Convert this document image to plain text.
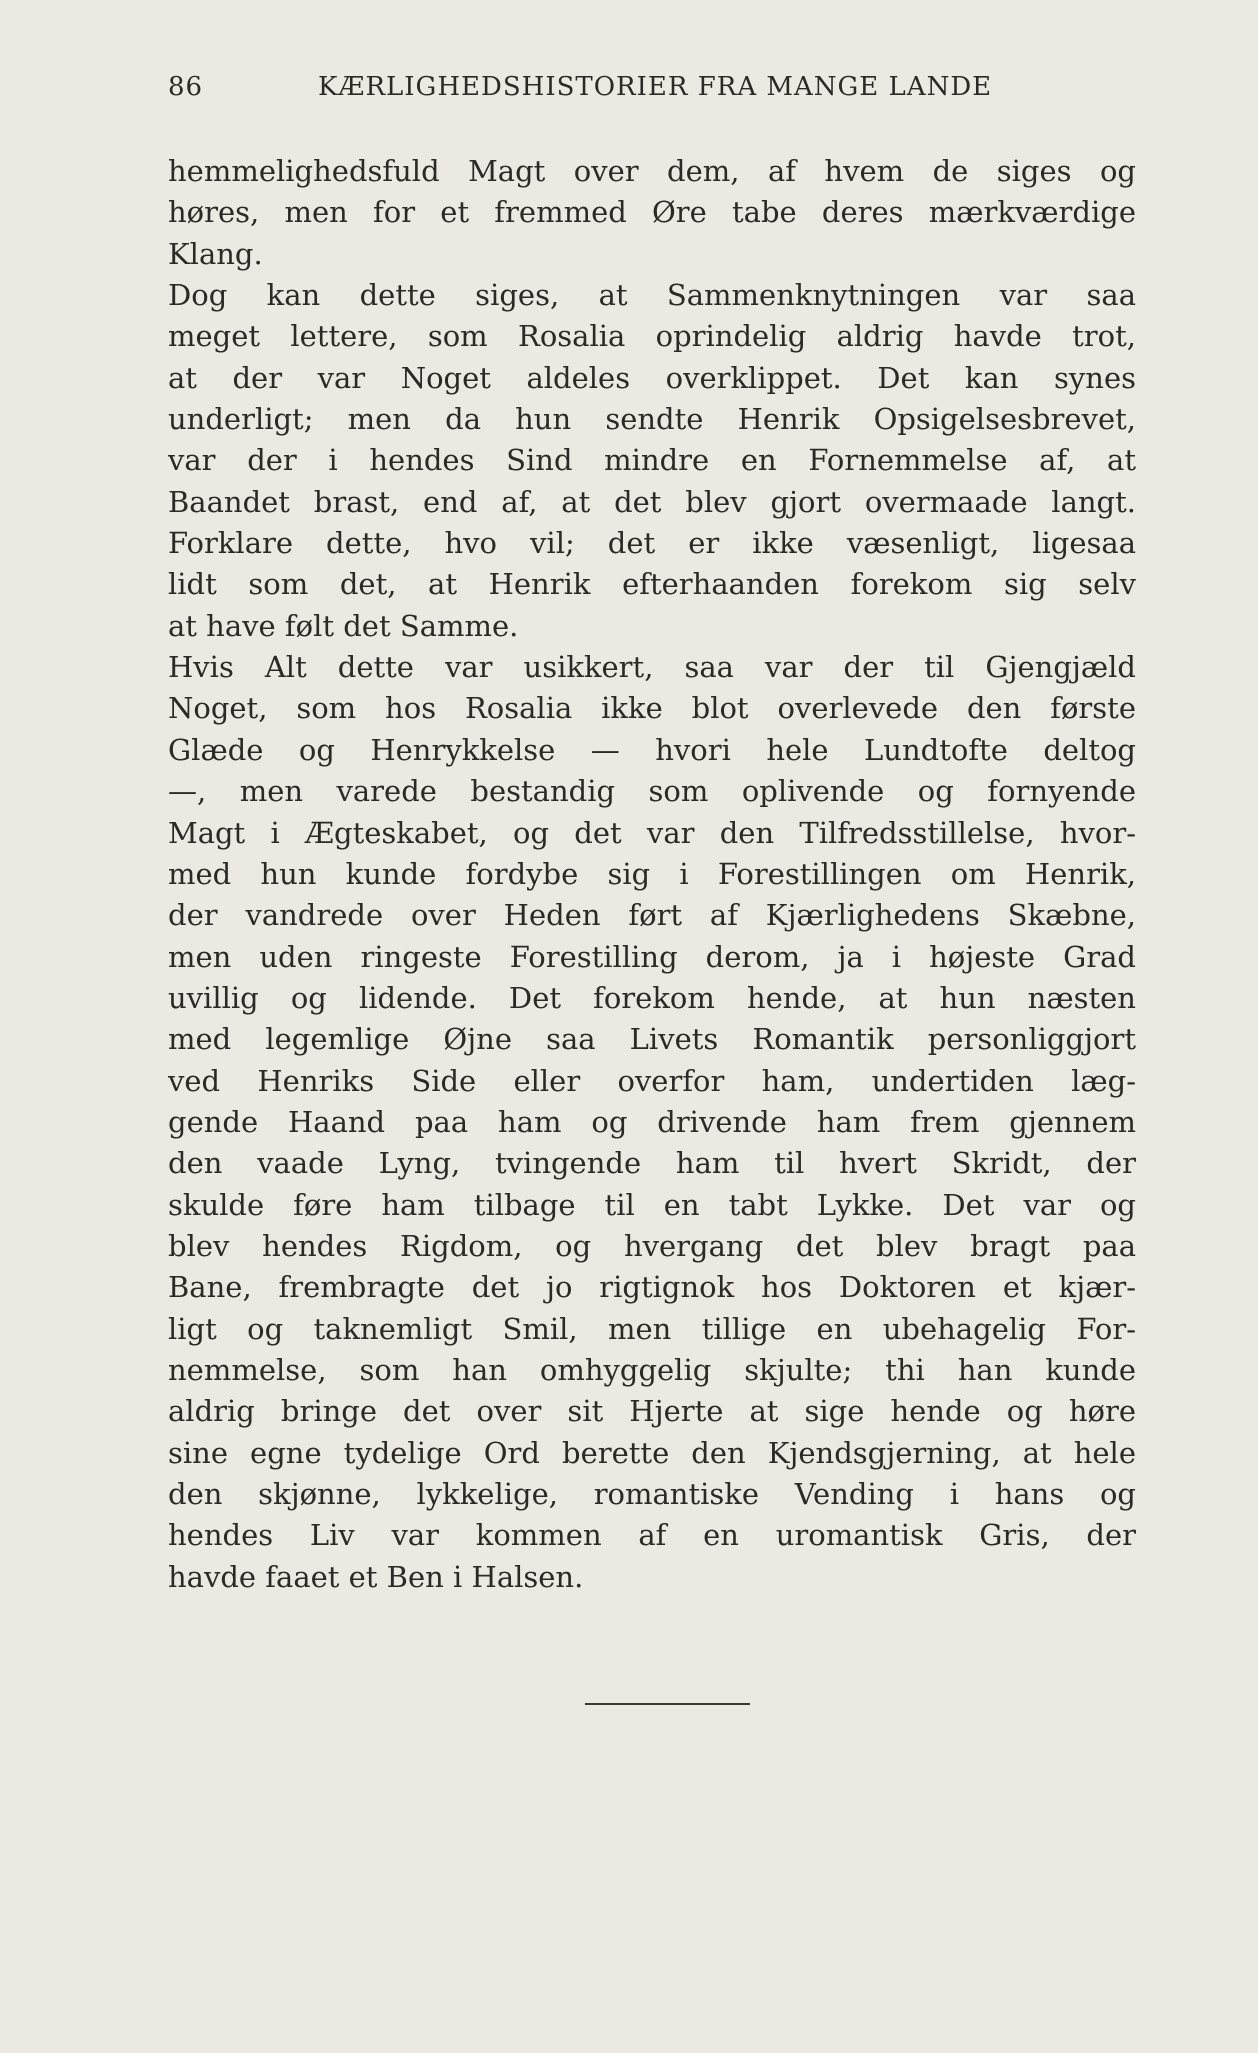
86	KÆRLIGHEDSHISTORIER FRA MANGE LANDE
hemmelighedsfuld Magt over dem, af hvem de siges og
høres, men for et fremmed Øre tabe deres mærkværdige
Klang.
Dog kan dette siges, at Sammenknytningen var saa
meget lettere, som Rosalia oprindelig aldrig havde trot,
at der var Noget aldeles overklippet. Det kan synes
underligt; men da hun sendte Henrik Opsigelsesbrevet,
var der i hendes Sind mindre en Fornemmelse af, at
Baandet brast, end af, at det blev gjort overmaade langt.
Forklare dette, hvo vil; det er ikke væsenligt, ligesaa
lidt som det, at Henrik efterhaanden forekom sig selv
at have følt det Samme.
Hvis Alt dette var usikkert, saa var der til Gjengjæld
Noget, som hos Rosalia ikke blot overlevede den første
Glæde og Henrykkelse — hvori hele Lundtofte deltog
—, men varede bestandig som oplivende og fornyende
Magt i Ægteskabet, og det var den Tilfredsstillelse, hvor-
med hun kunde fordybe sig i Forestillingen om Henrik,
der vandrede over Heden ført af Kjærlighedens Skæbne,
men uden ringeste Forestilling derom, ja i højeste Grad
uvillig og lidende. Det forekom hende, at hun næsten
med legemlige Øjne saa Livets Romantik personliggjort
ved Henriks Side eller overfor ham, undertiden læg-
gende Haand paa ham og drivende ham frem gjennem
den vaade Lyng, tvingende ham til hvert Skridt, der
skulde føre ham tilbage til en tabt Lykke. Det var og
blev hendes Rigdom, og hvergang det blev bragt paa
Bane, frembragte det jo rigtignok hos Doktoren et kjær-
ligt og taknemligt Smil, men tillige en ubehagelig For-
nemmelse, som han omhyggelig skjulte; thi han kunde
aldrig bringe det over sit Hjerte at sige hende og høre
sine egne tydelige Ord berette den Kjendsgjerning, at hele
den skjønne, lykkelige, romantiske Vending i hans og
hendes Liv var kommen af en uromantisk Gris, der
havde faaet et Ben i Halsen.
